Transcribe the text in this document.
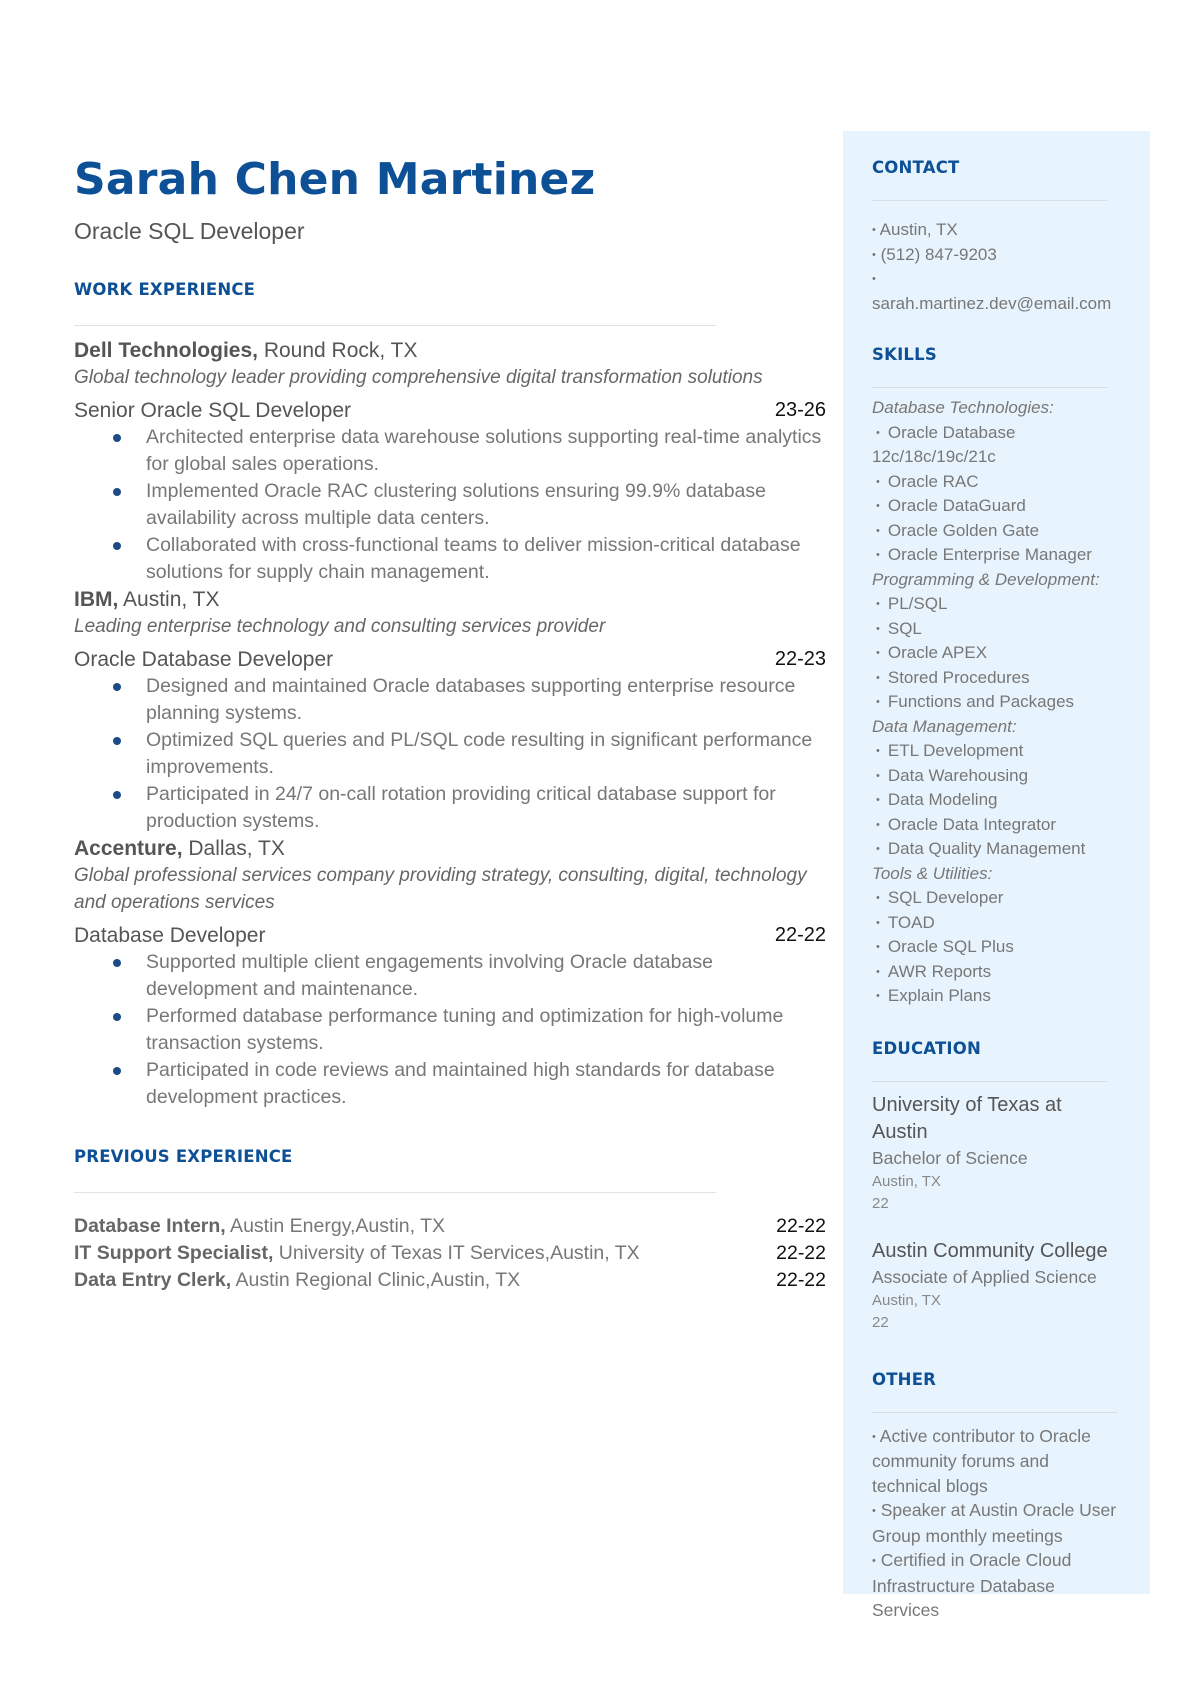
Sarah Chen Martinez
Oracle SQL Developer
WORK EXPERIENCE
Dell Technologies, Round Rock, TX
Global technology leader providing comprehensive digital transformation solutions
Senior Oracle SQL Developer	23-26
Architected enterprise data warehouse solutions supporting real-time analytics for global sales operations.
Implemented Oracle RAC clustering solutions ensuring 99.9% database availability across multiple data centers.
Collaborated with cross-functional teams to deliver mission-critical database solutions for supply chain management.
IBM, Austin, TX
Leading enterprise technology and consulting services provider
Oracle Database Developer	22-23
Designed and maintained Oracle databases supporting enterprise resource planning systems.
Optimized SQL queries and PL/SQL code resulting in significant performance improvements.
Participated in 24/7 on-call rotation providing critical database support for production systems.
Accenture, Dallas, TX
Global professional services company providing strategy, consulting, digital, technology and operations services
Database Developer	22-22
Supported multiple client engagements involving Oracle database development and maintenance.
Performed database performance tuning and optimization for high-volume transaction systems.
Participated in code reviews and maintained high standards for database development practices.
PREVIOUS EXPERIENCE
Database Intern, Austin Energy,Austin, TX	22-22
IT Support Specialist, University of Texas IT Services,Austin, TX	22-22
Data Entry Clerk, Austin Regional Clinic,Austin, TX	22-22
CONTACT
• Austin, TX
• (512) 847-9203
•
sarah.martinez.dev@email.com
SKILLS
Database Technologies:
• Oracle Database 12c/18c/19c/21c
• Oracle RAC
• Oracle DataGuard
• Oracle Golden Gate
• Oracle Enterprise Manager
Programming & Development:
• PL/SQL
• SQL
• Oracle APEX
• Stored Procedures
• Functions and Packages
Data Management:
• ETL Development
• Data Warehousing
• Data Modeling
• Oracle Data Integrator
• Data Quality Management
Tools & Utilities:
• SQL Developer
• TOAD
• Oracle SQL Plus
• AWR Reports
• Explain Plans
EDUCATION
University of Texas at Austin
Bachelor of Science
Austin, TX
22
Austin Community College
Associate of Applied Science
Austin, TX
22
OTHER
• Active contributor to Oracle community forums and technical blogs
• Speaker at Austin Oracle User Group monthly meetings
• Certified in Oracle Cloud Infrastructure Database Services
